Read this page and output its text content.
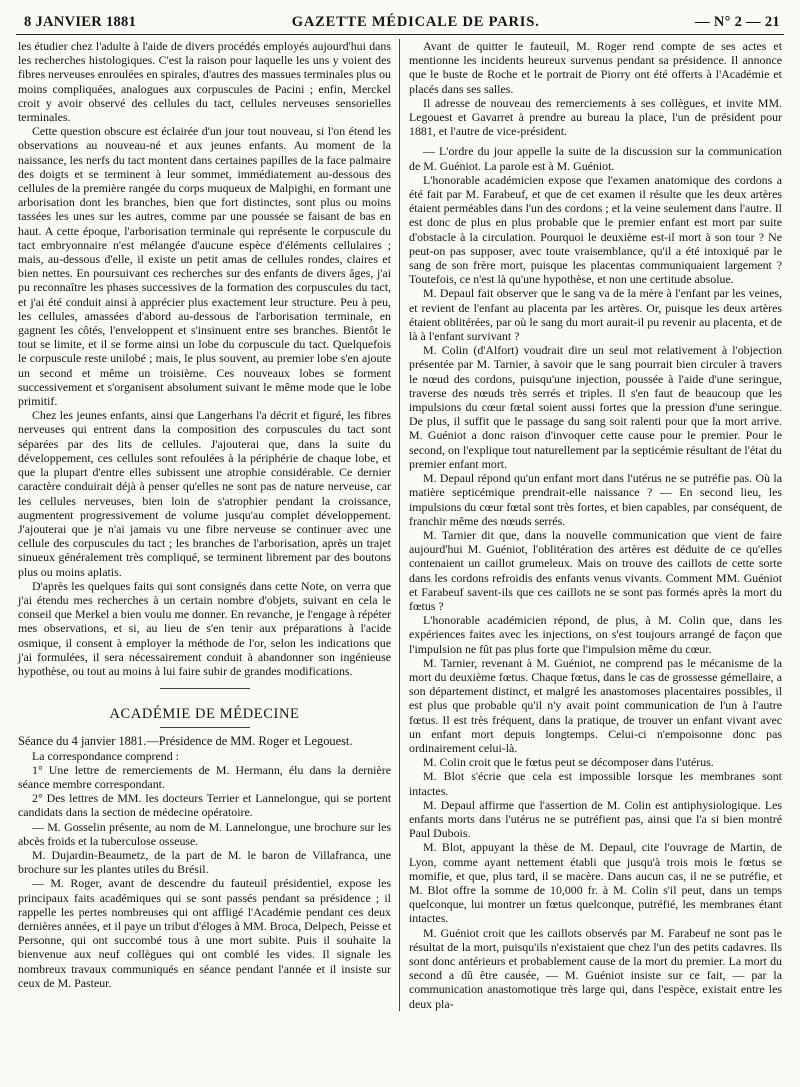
8 JANVIER 1881	GAZETTE MÉDICALE DE PARIS.	— N° 2 — 21

les étudier chez l'adulte à l'aide de divers procédés employés aujourd'hui dans les recherches histologiques. C'est la raison pour laquelle les uns y voient des fibres nerveuses enroulées en spirales, d'autres des massues terminales plus ou moins compliquées, analogues aux corpuscules de Pacini ; enfin, Merckel croit y avoir observé des cellules du tact, cellules nerveuses sensorielles terminales.

Cette question obscure est éclairée d'un jour tout nouveau, si l'on étend les observations au nouveau-né et aux jeunes enfants. Au moment de la naissance, les nerfs du tact montent dans certaines papilles de la face palmaire des doigts et se terminent à leur sommet, immédiatement au-dessous des cellules de la première rangée du corps muqueux de Malpighi, en formant une arborisation dont les branches, bien que fort distinctes, sont plus ou moins tassées les unes sur les autres, comme par une poussée se faisant de bas en haut. A cette époque, l'arborisation terminale qui représente le corpuscule du tact embryonnaire n'est mélangée d'aucune espèce d'éléments cellulaires ; mais, au-dessous d'elle, il existe un petit amas de cellules rondes, claires et bien nettes. En poursuivant ces recherches sur des enfants de divers âges, j'ai pu reconnaître les phases successives de la formation des corpuscules du tact, et j'ai été conduit ainsi à apprécier plus exactement leur structure. Peu à peu, les cellules, amassées d'abord au-dessous de l'arborisation terminale, en gagnent les côtés, l'enveloppent et s'insinuent entre ses branches. Bientôt le tout se limite, et il se forme ainsi un lobe du corpuscule du tact. Quelquefois le corpuscule reste unilobé ; mais, le plus souvent, au premier lobe s'en ajoute un second et même un troisième. Ces nouveaux lobes se forment successivement et s'organisent absolument suivant le même mode que le lobe primitif.

Chez les jeunes enfants, ainsi que Langerhans l'a décrit et figuré, les fibres nerveuses qui entrent dans la composition des corpuscules du tact sont séparées par des lits de cellules. J'ajouterai que, dans la suite du développement, ces cellules sont refoulées à la périphérie de chaque lobe, et que la plupart d'entre elles subissent une atrophie considérable. Ce dernier caractère conduirait déjà à penser qu'elles ne sont pas de nature nerveuse, car les cellules nerveuses, bien loin de s'atrophier pendant la croissance, augmentent progressivement de volume jusqu'au complet développement. J'ajouterai que je n'ai jamais vu une fibre nerveuse se continuer avec une cellule des corpuscules du tact ; les branches de l'arborisation, après un trajet sinueux généralement très compliqué, se terminent librement par des boutons plus ou moins aplatis.

D'après les quelques faits qui sont consignés dans cette Note, on verra que j'ai étendu mes recherches à un certain nombre d'objets, suivant en cela le conseil que Merkel a bien voulu me donner. En revanche, je l'engage à répéter mes observations, et si, au lieu de s'en tenir aux préparations à l'acide osmique, il consent à employer la méthode de l'or, selon les indications que j'ai formulées, il sera nécessairement conduit à abandonner son ingénieuse hypothèse, ou tout au moins à lui faire subir de grandes modifications.

ACADÉMIE DE MÉDECINE

Séance du 4 janvier 1881.—Présidence de MM. Roger et Legouest.

La correspondance comprend :

1° Une lettre de remerciements de M. Hermann, élu dans la dernière séance membre correspondant.

2° Des lettres de MM. les docteurs Terrier et Lannelongue, qui se portent candidats dans la section de médecine opératoire.

— M. Gosselin présente, au nom de M. Lannelongue, une brochure sur les abcès froids et la tuberculose osseuse.

M. Dujardin-Beaumetz, de la part de M. le baron de Villafranca, une brochure sur les plantes utiles du Brésil.

— M. Roger, avant de descendre du fauteuil présidentiel, expose les principaux faits académiques qui se sont passés pendant sa présidence ; il rappelle les pertes nombreuses qui ont affligé l'Académie pendant ces deux dernières années, et il paye un tribut d'éloges à MM. Broca, Delpech, Peisse et Personne, qui ont succombé tous à une mort subite. Puis il souhaite la bienvenue aux neuf collègues qui ont comblé les vides. Il signale les nombreux travaux communiqués en séance pendant l'année et il insiste sur ceux de M. Pasteur.

Avant de quitter le fauteuil, M. Roger rend compte de ses actes et mentionne les incidents heureux survenus pendant sa présidence. Il annonce que le buste de Roche et le portrait de Piorry ont été offerts à l'Académie et placés dans ses salles.

Il adresse de nouveau des remerciements à ses collègues, et invite MM. Legouest et Gavarret à prendre au bureau la place, l'un de président pour 1881, et l'autre de vice-président.

— L'ordre du jour appelle la suite de la discussion sur la communication de M. Guéniot. La parole est à M. Guéniot.

L'honorable académicien expose que l'examen anatomique des cordons a été fait par M. Farabeuf, et que de cet examen il résulte que les deux artères étaient perméables dans l'un des cordons ; et la veine seulement dans l'autre. Il est donc de plus en plus probable que le premier enfant est mort par suite d'obstacle à la circulation. Pourquoi le deuxième est-il mort à son tour ? Ne peut-on pas supposer, avec toute vraisemblance, qu'il a été intoxiqué par le sang de son frère mort, puisque les placentas communiquaient largement ? Toutefois, ce n'est là qu'une hypothèse, et non une certitude absolue.

M. Depaul fait observer que le sang va de la mère à l'enfant par les veines, et revient de l'enfant au placenta par les artères. Or, puisque les deux artères étaient oblitérées, par où le sang du mort aurait-il pu revenir au placenta, et de là à l'enfant survivant ?

M. Colin (d'Alfort) voudrait dire un seul mot relativement à l'objection présentée par M. Tarnier, à savoir que le sang pourrait bien circuler à travers le nœud des cordons, puisqu'une injection, poussée à l'aide d'une seringue, traverse des nœuds très serrés et triples. Il s'en faut de beaucoup que les impulsions du cœur fœtal soient aussi fortes que la pression d'une seringue. De plus, il suffit que le passage du sang soit ralenti pour que la mort arrive. M. Guéniot a donc raison d'invoquer cette cause pour le premier. Pour le second, on l'explique tout naturellement par la septicémie résultant de l'état du premier enfant mort.

M. Depaul répond qu'un enfant mort dans l'utérus ne se putréfie pas. Où la matière septicémique prendrait-elle naissance ? — En second lieu, les impulsions du cœur fœtal sont très fortes, et bien capables, par conséquent, de franchir même des nœuds serrés.

M. Tarnier dit que, dans la nouvelle communication que vient de faire aujourd'hui M. Guéniot, l'oblitération des artères est déduite de ce qu'elles contenaient un caillot grumeleux. Mais on trouve des caillots de cette sorte dans les cordons refroidis des enfants venus vivants. Comment MM. Guéniot et Farabeuf savent-ils que ces caillots ne se sont pas formés après la mort du fœtus ?

L'honorable académicien répond, de plus, à M. Colin que, dans les expériences faites avec les injections, on s'est toujours arrangé de façon que l'impulsion ne fût pas plus forte que l'impulsion même du cœur.

M. Tarnier, revenant à M. Guéniot, ne comprend pas le mécanisme de la mort du deuxième fœtus. Chaque fœtus, dans le cas de grossesse gémellaire, a son département distinct, et malgré les anastomoses placentaires possibles, il est plus que probable qu'il n'y avait point communication de l'un à l'autre fœtus. Il est très fréquent, dans la pratique, de trouver un enfant vivant avec un enfant mort depuis longtemps. Celui-ci n'empoisonne donc pas ordinairement celui-là.

M. Colin croit que le fœtus peut se décomposer dans l'utérus.

M. Blot s'écrie que cela est impossible lorsque les membranes sont intactes.

M. Depaul affirme que l'assertion de M. Colin est antiphysiologique. Les enfants morts dans l'utérus ne se putréfient pas, ainsi que l'a si bien montré Paul Dubois.

M. Blot, appuyant la thèse de M. Depaul, cite l'ouvrage de Martin, de Lyon, comme ayant nettement établi que jusqu'à trois mois le fœtus se momifie, et que, plus tard, il se macère. Dans aucun cas, il ne se putréfie, et M. Blot offre la somme de 10,000 fr. à M. Colin s'il peut, dans un temps quelconque, lui montrer un fœtus quelconque, putréfié, les membranes étant intactes.

M. Guéniot croit que les caillots observés par M. Farabeuf ne sont pas le résultat de la mort, puisqu'ils n'existaient que chez l'un des petits cadavres. Ils sont donc antérieurs et probablement cause de la mort du premier. La mort du second a dû être causée, — M. Guéniot insiste sur ce fait, — par la communication anastomotique très large qui, dans l'espèce, existait entre les deux pla-
